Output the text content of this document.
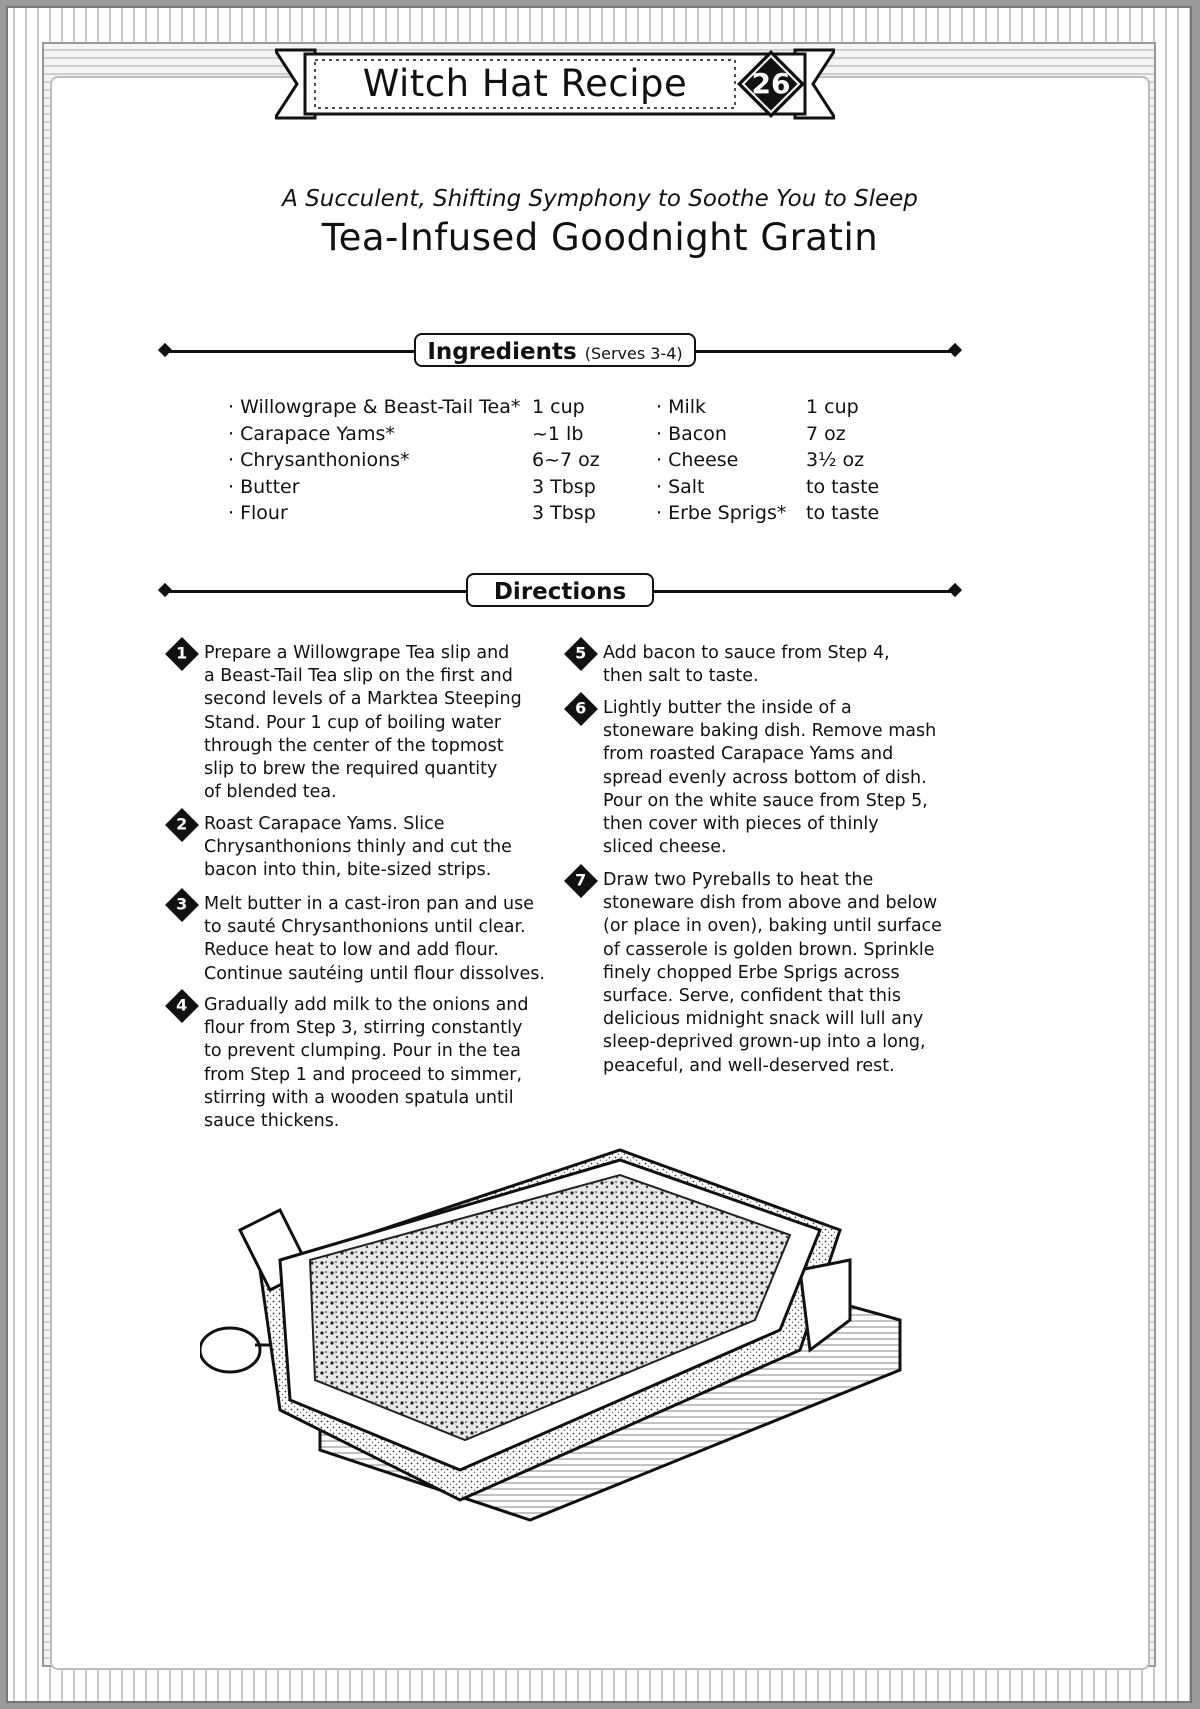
Witch Hat Recipe	26
A Succulent, Shifting Symphony to Soothe You to Sleep
Tea-Infused Goodnight Gratin
Ingredients (Serves 3-4)
· Willowgrape & Beast-Tail Tea*
· Carapace Yams*
· Chrysanthonions*
· Butter
· Flour
1 cup
~1 lb
6~7 oz
3 Tbsp
3 Tbsp
· Milk
· Bacon
· Cheese
· Salt
· Erbe Sprigs*
1 cup
7 oz
3½ oz
to taste
to taste
Directions
1 Prepare a Willowgrape Tea slip and
a Beast-Tail Tea slip on the first and
second levels of a Marktea Steeping
Stand. Pour 1 cup of boiling water
through the center of the topmost
slip to brew the required quantity
of blended tea.
2 Roast Carapace Yams. Slice
Chrysanthonions thinly and cut the
bacon into thin, bite-sized strips.
3 Melt butter in a cast-iron pan and use
to sauté Chrysanthonions until clear.
Reduce heat to low and add flour.
Continue sautéing until flour dissolves.
4 Gradually add milk to the onions and
flour from Step 3, stirring constantly
to prevent clumping. Pour in the tea
from Step 1 and proceed to simmer,
stirring with a wooden spatula until
sauce thickens.
5 Add bacon to sauce from Step 4,
then salt to taste.
6 Lightly butter the inside of a
stoneware baking dish. Remove mash
from roasted Carapace Yams and
spread evenly across bottom of dish.
Pour on the white sauce from Step 5,
then cover with pieces of thinly
sliced cheese.
7 Draw two Pyreballs to heat the
stoneware dish from above and below
(or place in oven), baking until surface
of casserole is golden brown. Sprinkle
finely chopped Erbe Sprigs across
surface. Serve, confident that this
delicious midnight snack will lull any
sleep-deprived grown-up into a long,
peaceful, and well-deserved rest.
